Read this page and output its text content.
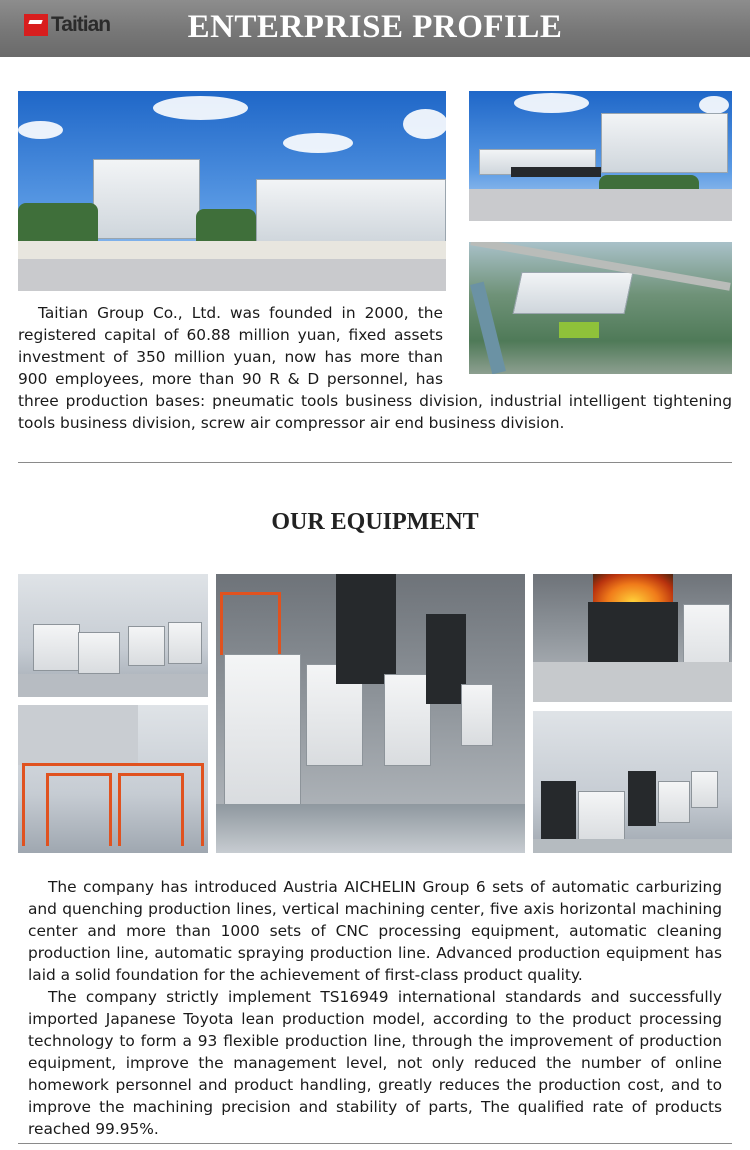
Taitian	ENTERPRISE PROFILE

Taitian Group Co., Ltd. was founded in 2000, the registered capital of 60.88 million yuan, fixed assets investment of 350 million yuan, now has more than 900 employees, more than 90 R & D personnel, has three production bases: pneumatic tools business division, industrial intelligent tightening tools business division, screw air compressor air end business division.

OUR EQUIPMENT

The company has introduced Austria AICHELIN Group 6 sets of automatic carburizing and quenching production lines, vertical machining center, five axis horizontal machining center and more than 1000 sets of CNC processing equipment, automatic cleaning production line, automatic spraying production line. Advanced production equipment has laid a solid foundation for the achievement of first-class product quality.

The company strictly implement TS16949 international standards and successfully imported Japanese Toyota lean production model, according to the product processing technology to form a 93 flexible production line, through the improvement of production equipment, improve the management level, not only reduced the number of online homework personnel and product handling, greatly reduces the production cost, and to improve the machining precision and stability of parts, The qualified rate of products reached 99.95%.
